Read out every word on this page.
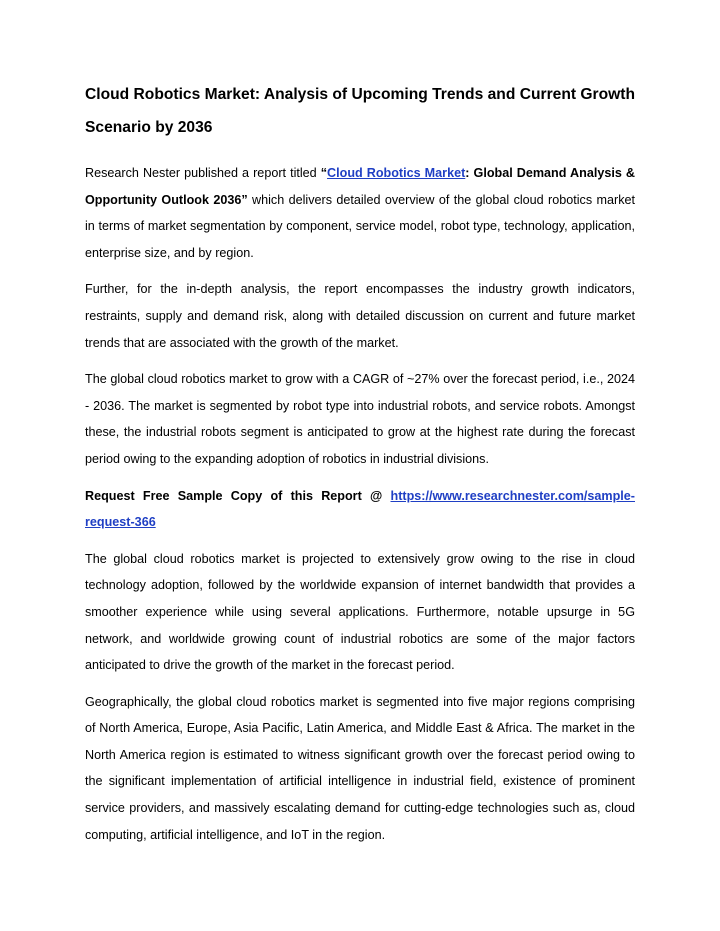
Cloud Robotics Market: Analysis of Upcoming Trends and Current Growth Scenario by 2036

Research Nester published a report titled “Cloud Robotics Market: Global Demand Analysis & Opportunity Outlook 2036” which delivers detailed overview of the global cloud robotics market in terms of market segmentation by component, service model, robot type, technology, application, enterprise size, and by region.

Further, for the in-depth analysis, the report encompasses the industry growth indicators, restraints, supply and demand risk, along with detailed discussion on current and future market trends that are associated with the growth of the market.

The global cloud robotics market to grow with a CAGR of ~27% over the forecast period, i.e., 2024 - 2036. The market is segmented by robot type into industrial robots, and service robots. Amongst these, the industrial robots segment is anticipated to grow at the highest rate during the forecast period owing to the expanding adoption of robotics in industrial divisions.

Request Free Sample Copy of this Report @ https://www.researchnester.com/sample-request-366

The global cloud robotics market is projected to extensively grow owing to the rise in cloud technology adoption, followed by the worldwide expansion of internet bandwidth that provides a smoother experience while using several applications. Furthermore, notable upsurge in 5G network, and worldwide growing count of industrial robotics are some of the major factors anticipated to drive the growth of the market in the forecast period.

Geographically, the global cloud robotics market is segmented into five major regions comprising of North America, Europe, Asia Pacific, Latin America, and Middle East & Africa. The market in the North America region is estimated to witness significant growth over the forecast period owing to the significant implementation of artificial intelligence in industrial field, existence of prominent service providers, and massively escalating demand for cutting-edge technologies such as, cloud computing, artificial intelligence, and IoT in the region.
